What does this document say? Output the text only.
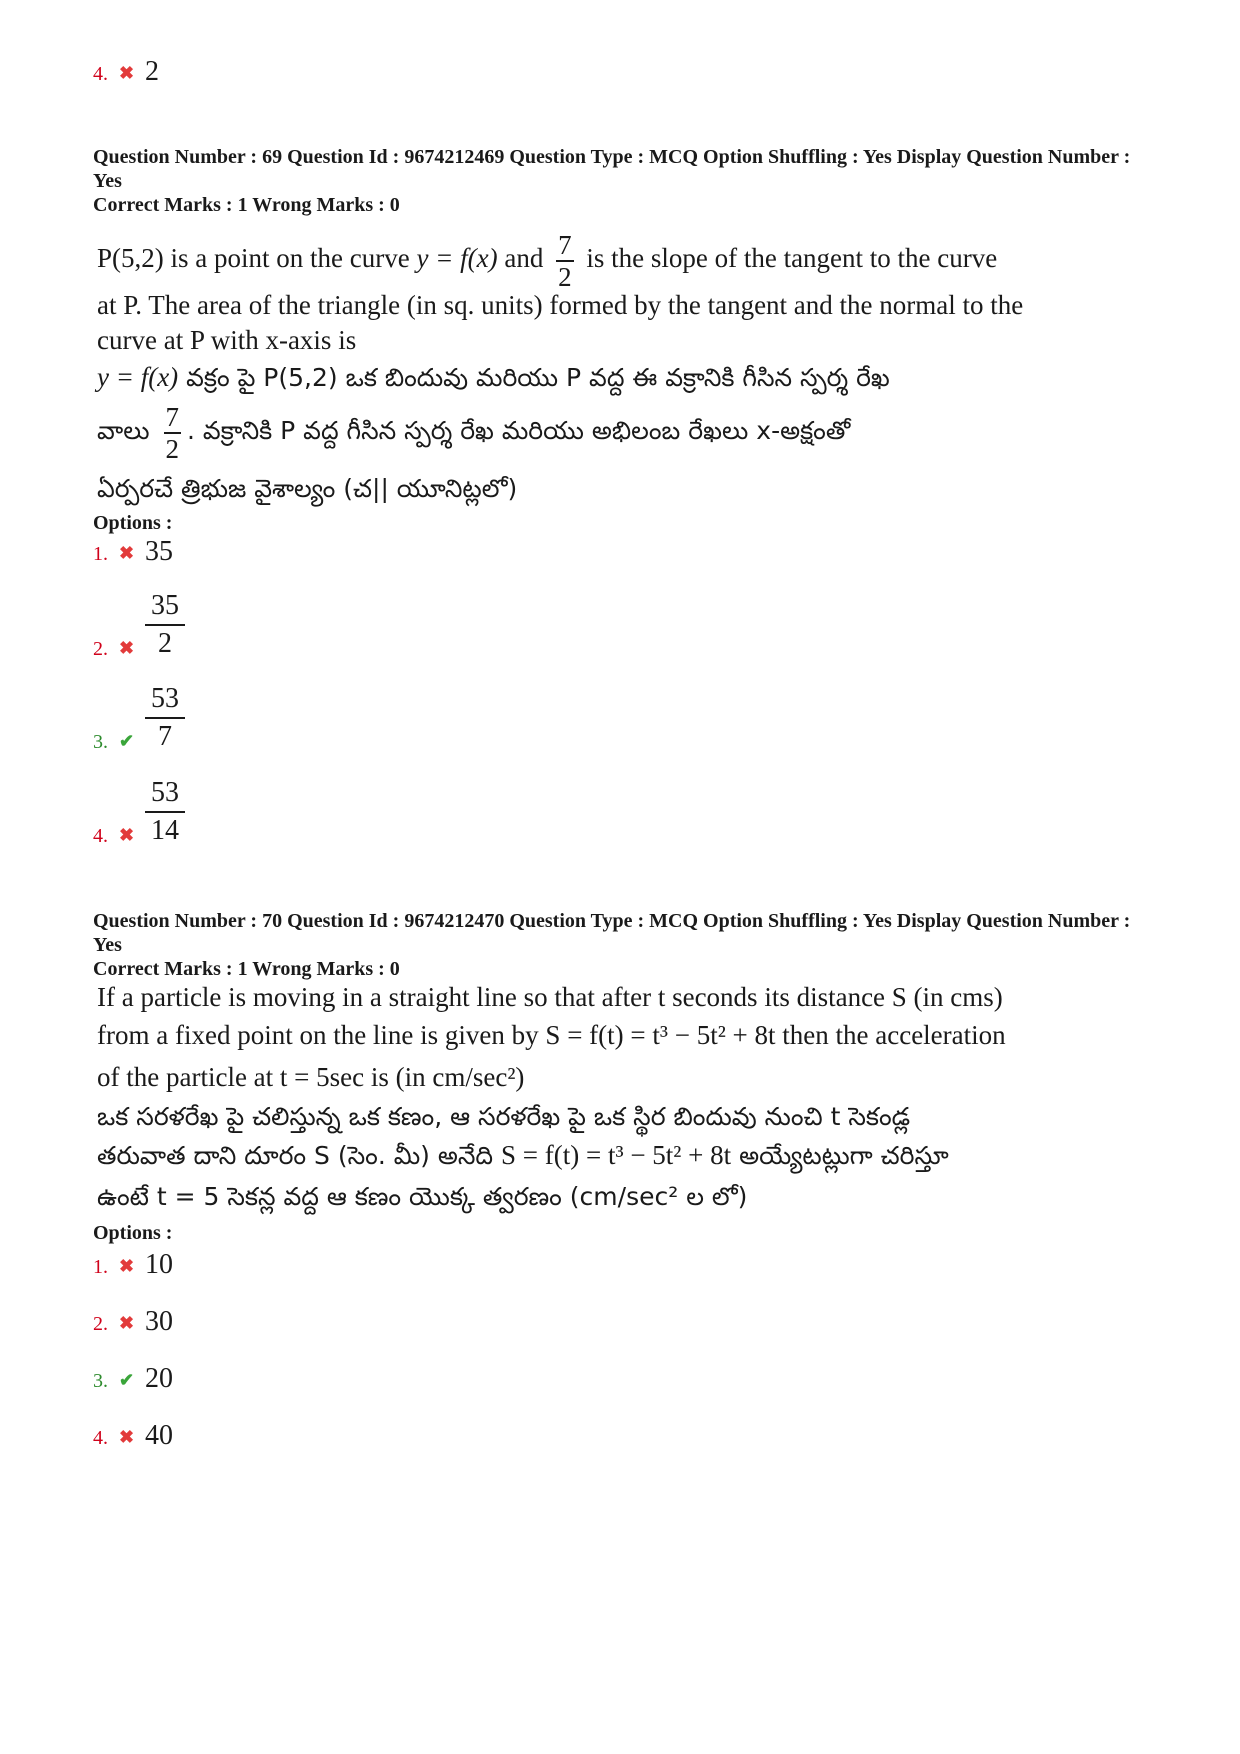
4. ✖ 2
Question Number : 69 Question Id : 9674212469 Question Type : MCQ Option Shuffling : Yes Display Question Number : Yes
Correct Marks : 1 Wrong Marks : 0
P(5,2) is a point on the curve y = f(x) and $\frac{7}{2}$ is the slope of the tangent to the curve
at P. The area of the triangle (in sq. units) formed by the tangent and the normal to the
curve at P with x-axis is
y = f(x) వక్రం పై P(5,2) ఒక బిందువు మరియు P వద్ద ఈ వక్రానికి గీసిన స్పర్శ రేఖ
వాలు $\frac{7}{2}$ . వక్రానికి P వద్ద గీసిన స్పర్శ రేఖ మరియు అభిలంబ రేఖలు x-అక్షంతో
ఏర్పరచే త్రిభుజ వైశాల్యం (చ|| యూనిట్లలో)
Options :
1. ✖ 35
2. ✖ $\frac{35}{2}$
3. ✔ $\frac{53}{7}$
4. ✖ $\frac{53}{14}$
Question Number : 70 Question Id : 9674212470 Question Type : MCQ Option Shuffling : Yes Display Question Number : Yes
Correct Marks : 1 Wrong Marks : 0
If a particle is moving in a straight line so that after t seconds its distance S (in cms)
from a fixed point on the line is given by S = f(t) = t³ − 5t² + 8t then the acceleration
of the particle at t = 5sec is (in cm/sec²)
ఒక సరళరేఖ పై చలిస్తున్న ఒక కణం, ఆ సరళరేఖ పై ఒక స్థిర బిందువు నుంచి t సెకండ్ల
తరువాత దాని దూరం S (సెం. మీ) అనేది S = f(t) = t³ − 5t² + 8t అయ్యేటట్లుగా చరిస్తూ
ఉంటే t = 5 సెకన్ల వద్ద ఆ కణం యొక్క త్వరణం (cm/sec² ల లో)
Options :
1. ✖ 10
2. ✖ 30
3. ✔ 20
4. ✖ 40
